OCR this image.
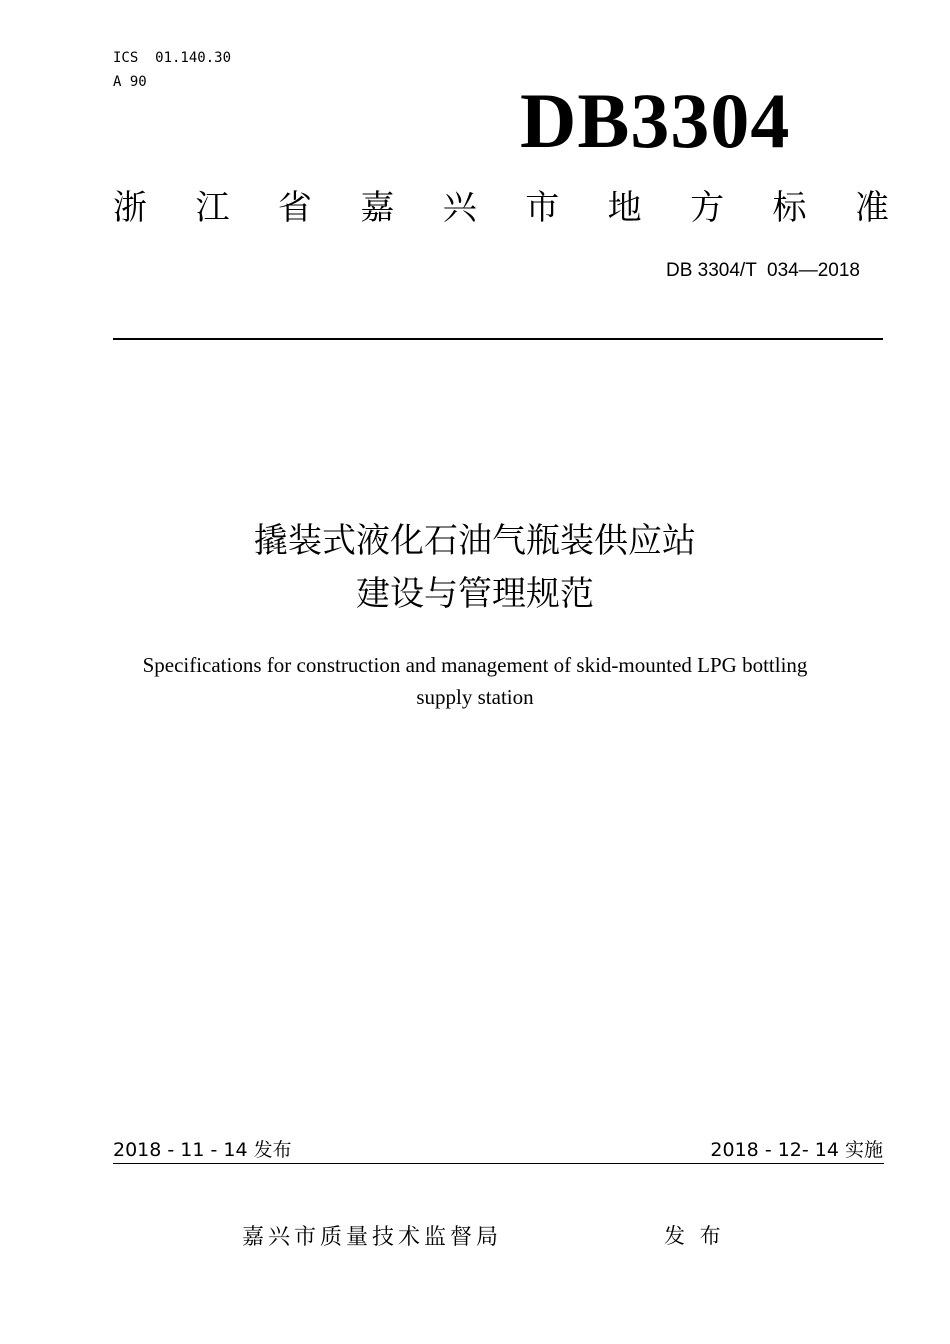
ICS  01.140.30
A 90	DB3304
浙 江 省 嘉 兴 市 地 方 标 准
DB 3304/T  034—2018
撬装式液化石油气瓶装供应站
建设与管理规范
Specifications for construction and management of skid-mounted LPG bottling
supply station
2018 - 11 - 14 发布	2018 - 12- 14 实施
嘉兴市质量技术监督局	发 布
